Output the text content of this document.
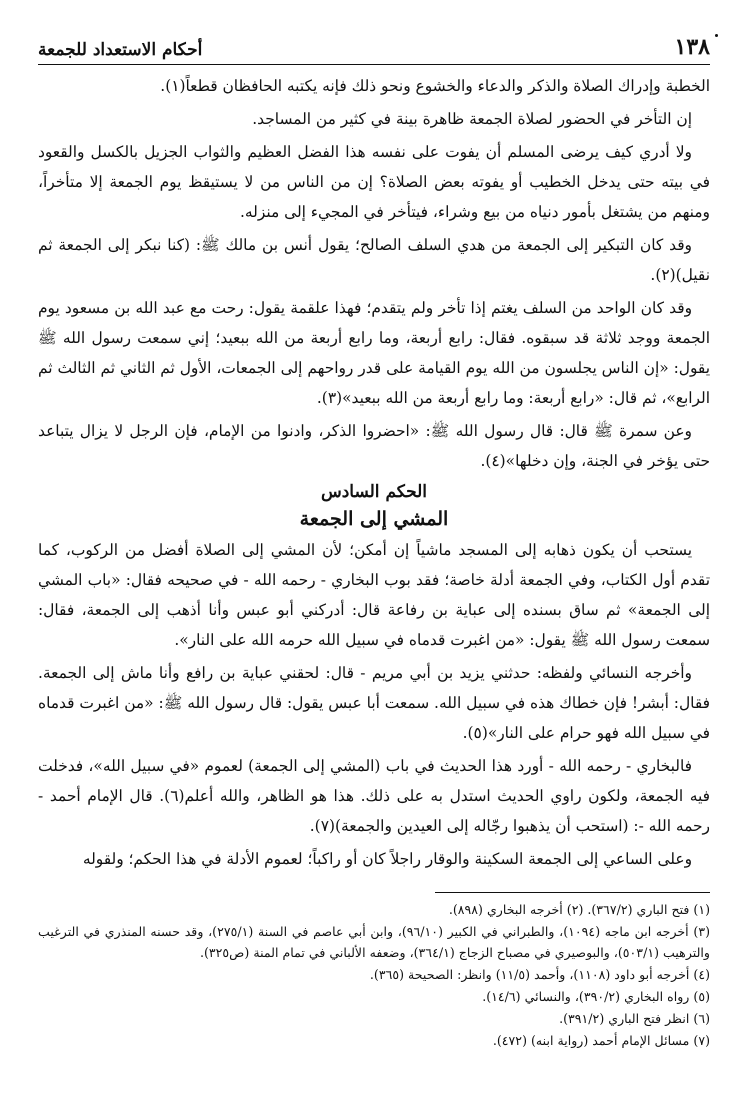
١٣٨
أحكام الاستعداد للجمعة

الخطبة وإدراك الصلاة والذكر والدعاء والخشوع ونحو ذلك فإنه يكتبه الحافظان قطعاً(١).

إن التأخر في الحضور لصلاة الجمعة ظاهرة بينة في كثير من المساجد.

ولا أدري كيف يرضى المسلم أن يفوت على نفسه هذا الفضل العظيم والثواب الجزيل بالكسل والقعود في بيته حتى يدخل الخطيب أو يفوته بعض الصلاة؟ إن من الناس من لا يستيقظ يوم الجمعة إلا متأخراً، ومنهم من يشتغل بأمور دنياه من بيع وشراء، فيتأخر في المجيء إلى منزله.

وقد كان التبكير إلى الجمعة من هدي السلف الصالح؛ يقول أنس بن مالك ﷺ: (كنا نبكر إلى الجمعة ثم نقيل)(٢).

وقد كان الواحد من السلف يغتم إذا تأخر ولم يتقدم؛ فهذا علقمة يقول: رحت مع عبد الله بن مسعود يوم الجمعة ووجد ثلاثة قد سبقوه. فقال: رابع أربعة، وما رابع أربعة من الله ببعيد؛ إني سمعت رسول الله ﷺ يقول: «إن الناس يجلسون من الله يوم القيامة على قدر رواحهم إلى الجمعات، الأول ثم الثاني ثم الثالث ثم الرابع»، ثم قال: «رابع أربعة: وما رابع أربعة من الله ببعيد»(٣).

وعن سمرة ﷺ قال: قال رسول الله ﷺ: «احضروا الذكر، وادنوا من الإمام، فإن الرجل لا يزال يتباعد حتى يؤخر في الجنة، وإن دخلها»(٤).

الحكم السادس

المشي إلى الجمعة

يستحب أن يكون ذهابه إلى المسجد ماشياً إن أمكن؛ لأن المشي إلى الصلاة أفضل من الركوب، كما تقدم أول الكتاب، وفي الجمعة أدلة خاصة؛ فقد بوب البخاري - رحمه الله - في صحيحه فقال: «باب المشي إلى الجمعة» ثم ساق بسنده إلى عباية بن رفاعة قال: أدركني أبو عبس وأنا أذهب إلى الجمعة، فقال: سمعت رسول الله ﷺ يقول: «من اغبرت قدماه في سبيل الله حرمه الله على النار».

وأخرجه النسائي ولفظه: حدثني يزيد بن أبي مريم - قال: لحقني عباية بن رافع وأنا ماش إلى الجمعة. فقال: أبشر! فإن خطاك هذه في سبيل الله. سمعت أبا عبس يقول: قال رسول الله ﷺ: «من اغبرت قدماه في سبيل الله فهو حرام على النار»(٥).

فالبخاري - رحمه الله - أورد هذا الحديث في باب (المشي إلى الجمعة) لعموم «في سبيل الله»، فدخلت فيه الجمعة، ولكون راوي الحديث استدل به على ذلك. هذا هو الظاهر، والله أعلم(٦). قال الإمام أحمد - رحمه الله -: (استحب أن يذهبوا رجّاله إلى العيدين والجمعة)(٧).

وعلى الساعي إلى الجمعة السكينة والوقار راجلاً كان أو راكباً؛ لعموم الأدلة في هذا الحكم؛ ولقوله

(١) فتح الباري (٣٦٧/٢). (٢) أخرجه البخاري (٨٩٨).

(٣) أخرجه ابن ماجه (١٠٩٤)، والطبراني في الكبير (٩٦/١٠)، وابن أبي عاصم في السنة (٢٧٥/١)، وقد حسنه المنذري في الترغيب والترهيب (٥٠٣/١)، والبوصيري في مصباح الزجاج (٣٦٤/١)، وضعفه الألباني في تمام المنة (ص٣٢٥).

(٤) أخرجه أبو داود (١١٠٨)، وأحمد (١١/٥) وانظر: الصحيحة (٣٦٥).

(٥) رواه البخاري (٣٩٠/٢)، والنسائي (١٤/٦).

(٦) انظر فتح الباري (٣٩١/٢).

(٧) مسائل الإمام أحمد (رواية ابنه) (٤٧٢).
